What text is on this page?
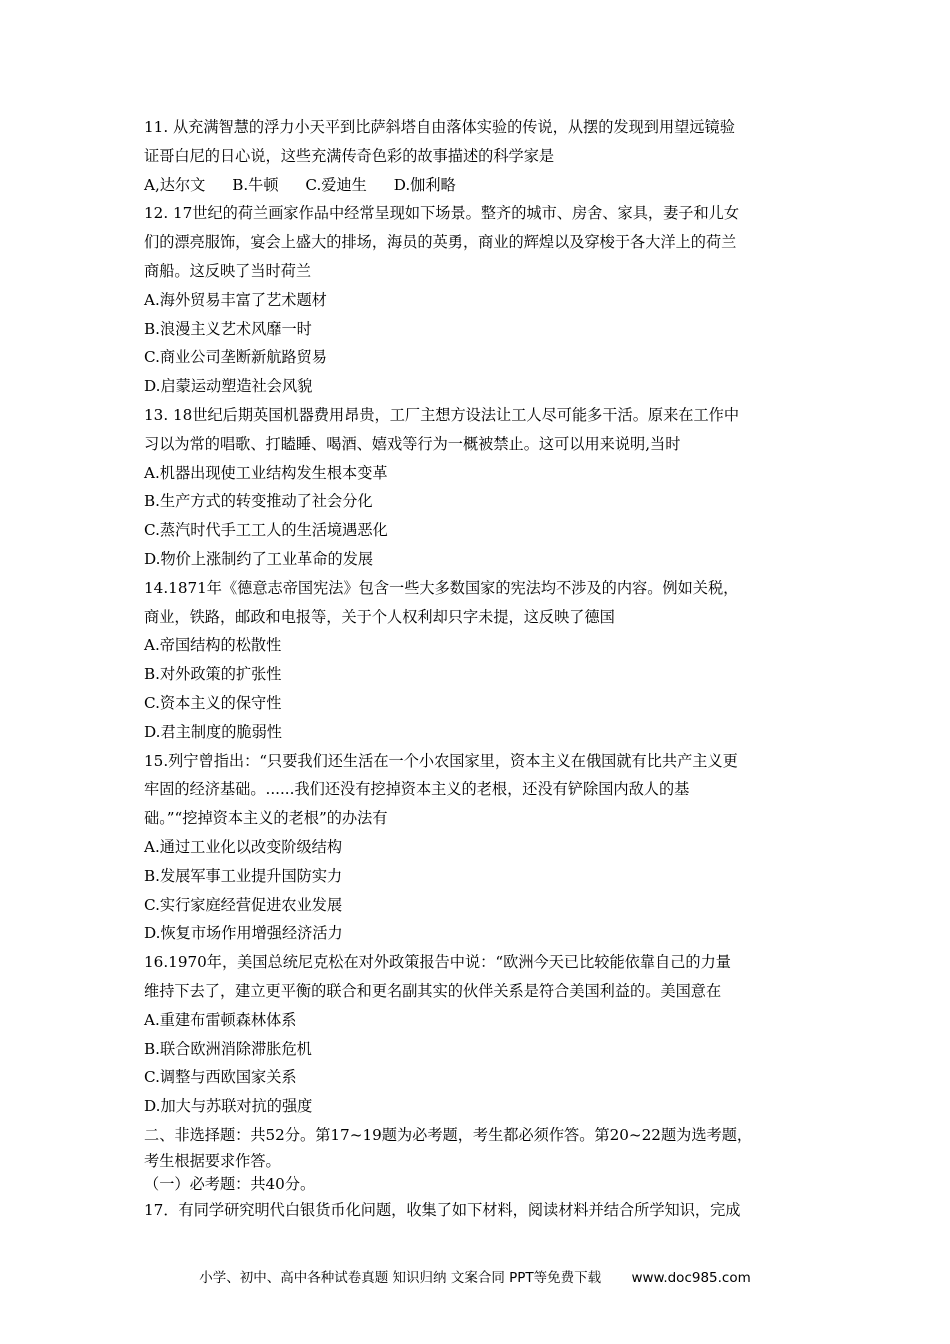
11. 从充满智慧的浮力小天平到比萨斜塔自由落体实验的传说，从摆的发现到用望远镜验
证哥白尼的日心说，这些充满传奇色彩的故事描述的科学家是
A,达尔文 B.牛顿 C.爱迪生 D.伽利略
12. 17世纪的荷兰画家作品中经常呈现如下场景。整齐的城市、房舍、家具，妻子和儿女
们的漂亮服饰，宴会上盛大的排场，海员的英勇，商业的辉煌以及穿梭于各大洋上的荷兰
商船。这反映了当时荷兰
A.海外贸易丰富了艺术题材
B.浪漫主义艺术风靡一时
C.商业公司垄断新航路贸易
D.启蒙运动塑造社会风貌
13. 18世纪后期英国机器费用昂贵，工厂主想方设法让工人尽可能多干活。原来在工作中
习以为常的唱歌、打瞌睡、喝酒、嬉戏等行为一概被禁止。这可以用来说明,当时
A.机器出现使工业结构发生根本变革
B.生产方式的转变推动了社会分化
C.蒸汽时代手工工人的生活境遇恶化
D.物价上涨制约了工业革命的发展
14.1871年《德意志帝国宪法》包含一些大多数国家的宪法均不涉及的内容。例如关税，
商业，铁路，邮政和电报等，关于个人权利却只字未提，这反映了德国
A.帝国结构的松散性
B.对外政策的扩张性
C.资本主义的保守性
D.君主制度的脆弱性
15.列宁曾指出：“只要我们还生活在一个小农国家里，资本主义在俄国就有比共产主义更
牢固的经济基础。......我们还没有挖掉资本主义的老根，还没有铲除国内敌人的基
础。”“挖掉资本主义的老根”的办法有
A.通过工业化以改变阶级结构
B.发展军事工业提升国防实力
C.实行家庭经营促进农业发展
D.恢复市场作用增强经济活力
16.1970年，美国总统尼克松在对外政策报告中说：“欧洲今天已比较能依靠自己的力量
维持下去了，建立更平衡的联合和更名副其实的伙伴关系是符合美国利益的。美国意在
A.重建布雷顿森林体系
B.联合欧洲消除滞胀危机
C.调整与西欧国家关系
D.加大与苏联对抗的强度
二、非选择题：共52分。第17~19题为必考题，考生都必须作答。第20~22题为选考题，
考生根据要求作答。
（一）必考题：共40分。
17．有同学研究明代白银货币化问题，收集了如下材料，阅读材料并结合所学知识，完成
小学、初中、高中各种试卷真题 知识归纳 文案合同 PPT等免费下载 www.doc985.com
